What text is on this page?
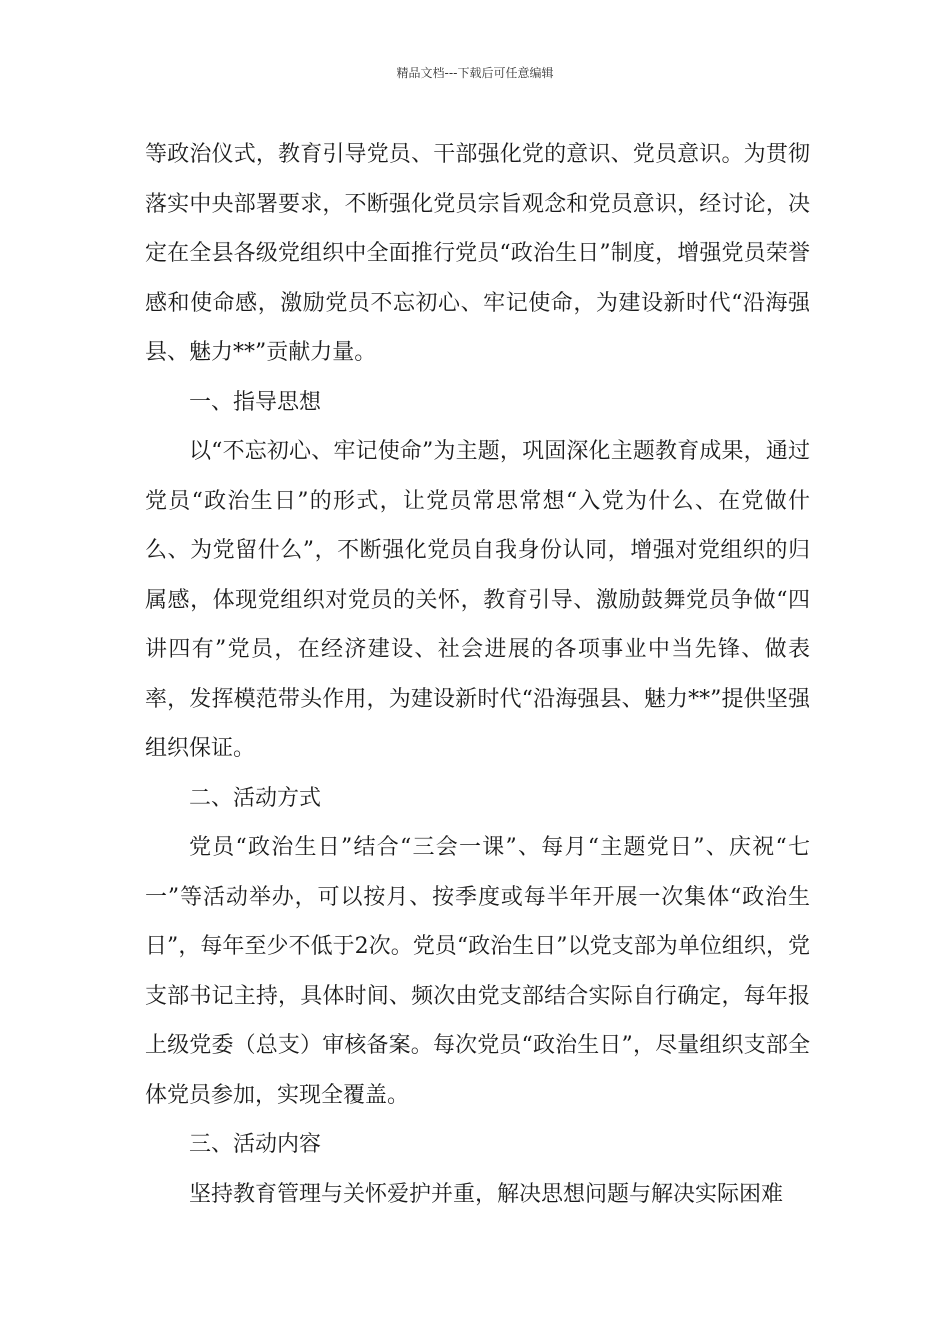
精品文档---下载后可任意编辑

等政治仪式，教育引导党员、干部强化党的意识、党员意识。为贯彻落实中央部署要求，不断强化党员宗旨观念和党员意识，经讨论，决定在全县各级党组织中全面推行党员“政治生日”制度，增强党员荣誉感和使命感，激励党员不忘初心、牢记使命，为建设新时代“沿海强县、魅力**”贡献力量。

一、指导思想

以“不忘初心、牢记使命”为主题，巩固深化主题教育成果，通过党员“政治生日”的形式，让党员常思常想“入党为什么、在党做什么、为党留什么”，不断强化党员自我身份认同，增强对党组织的归属感，体现党组织对党员的关怀，教育引导、激励鼓舞党员争做“四讲四有”党员，在经济建设、社会进展的各项事业中当先锋、做表率，发挥模范带头作用，为建设新时代“沿海强县、魅力**”提供坚强组织保证。

二、活动方式

党员“政治生日”结合“三会一课”、每月“主题党日”、庆祝“七一”等活动举办，可以按月、按季度或每半年开展一次集体“政治生日”，每年至少不低于2次。党员“政治生日”以党支部为单位组织，党支部书记主持，具体时间、频次由党支部结合实际自行确定，每年报上级党委（总支）审核备案。每次党员“政治生日”，尽量组织支部全体党员参加，实现全覆盖。

三、活动内容

坚持教育管理与关怀爱护并重，解决思想问题与解决实际困难
